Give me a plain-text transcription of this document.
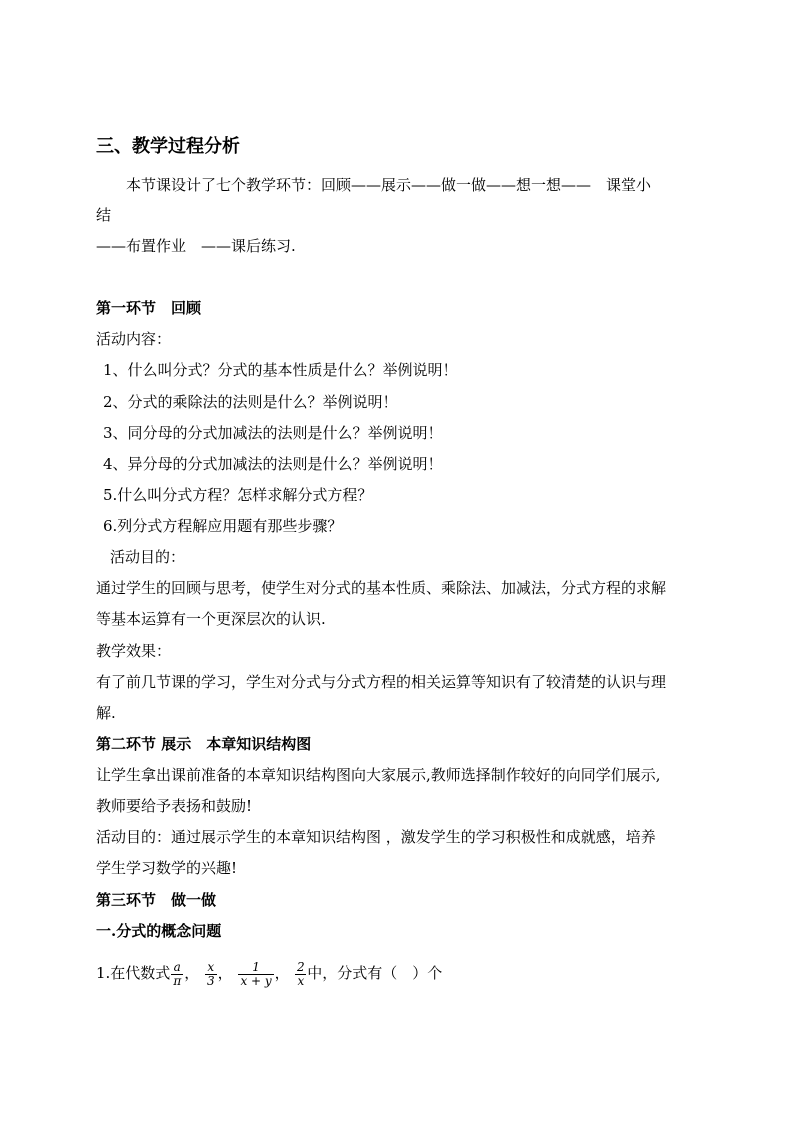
三、教学过程分析
本节课设计了七个教学环节：回顾——展示——做一做——想一想——　课堂小
结
——布置作业　——课后练习.
第一环节　回顾
活动内容：
1、什么叫分式？分式的基本性质是什么？举例说明！
2、分式的乘除法的法则是什么？举例说明！
3、同分母的分式加减法的法则是什么？举例说明！
4、异分母的分式加减法的法则是什么？举例说明！
5.什么叫分式方程？怎样求解分式方程？
6.列分式方程解应用题有那些步骤？
活动目的：
通过学生的回顾与思考，使学生对分式的基本性质、乘除法、加减法，分式方程的求解
等基本运算有一个更深层次的认识.
教学效果：
有了前几节课的学习，学生对分式与分式方程的相关运算等知识有了较清楚的认识与理
解.
第二环节 展示　本章知识结构图
让学生拿出课前准备的本章知识结构图向大家展示,教师选择制作较好的向同学们展示,
教师要给予表扬和鼓励!
活动目的：通过展示学生的本章知识结构图 ，激发学生的学习积极性和成就感，培养
学生学习数学的兴趣!
第三环节　做一做
一.分式的概念问题
1.在代数式 $\frac{a}{\pi}$ ， $\frac{x}{3}$ ， $\frac{1}{x + y}$ ， $\frac{2}{x}$ 中，分式有（　）个
